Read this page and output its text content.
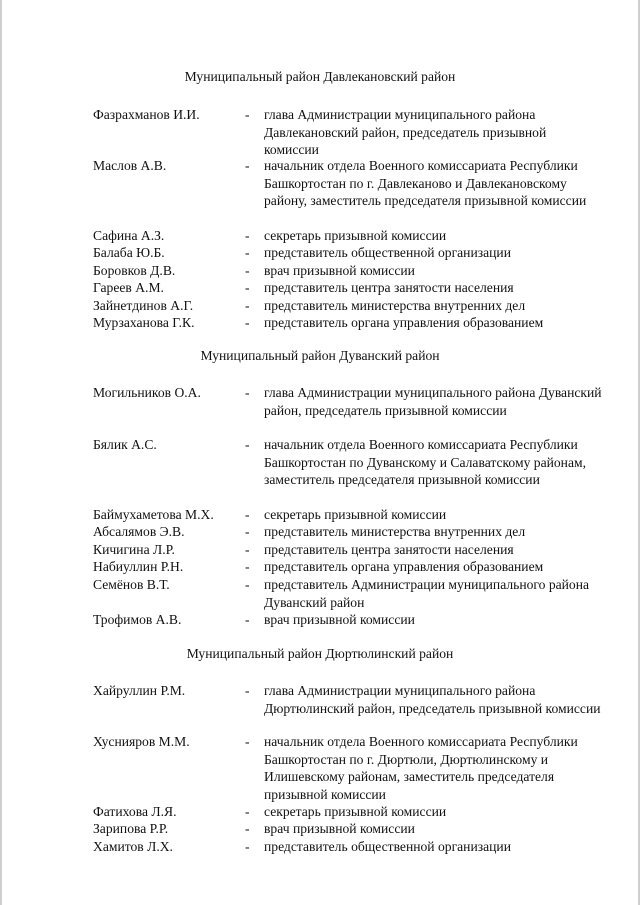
Муниципальный район Давлекановский район
Фазрахманов И.И.	- глава Администрации муниципального района Давлекановский район, председатель призывной комиссии
Маслов А.В.	- начальник отдела Военного комиссариата Республики Башкортостан по г. Давлеканово и Давлекановскому району, заместитель председателя призывной комиссии
Сафина А.З.	- секретарь призывной комиссии
Балаба Ю.Б.	- представитель общественной организации
Боровков Д.В.	- врач призывной комиссии
Гареев А.М.	- представитель центра занятости населения
Зайнетдинов А.Г.	- представитель министерства внутренних дел
Мурзаханова Г.К.	- представитель органа управления образованием
Муниципальный район Дуванский район
Могильников О.А.	- глава Администрации муниципального района Дуванский район, председатель призывной комиссии
Бялик А.С.	- начальник отдела Военного комиссариата Республики Башкортостан по Дуванскому и Салаватскому районам, заместитель председателя призывной комиссии
Баймухаметова М.Х. - секретарь призывной комиссии
Абсалямов Э.В.	- представитель министерства внутренних дел
Кичигина Л.Р.	- представитель центра занятости населения
Набиуллин Р.Н.	- представитель органа управления образованием
Семёнов В.Т.	- представитель Администрации муниципального района Дуванский район
Трофимов А.В.	- врач призывной комиссии
Муниципальный район Дюртюлинский район
Хайруллин Р.М.	- глава Администрации муниципального района Дюртюлинский район, председатель призывной комиссии
Хуснияров М.М.	- начальник отдела Военного комиссариата Республики Башкортостан по г. Дюртюли, Дюртюлинскому и Илишевскому районам, заместитель председателя призывной комиссии
Фатихова Л.Я.	- секретарь призывной комиссии
Зарипова Р.Р.	- врач призывной комиссии
Хамитов Л.Х.	- представитель общественной организации
